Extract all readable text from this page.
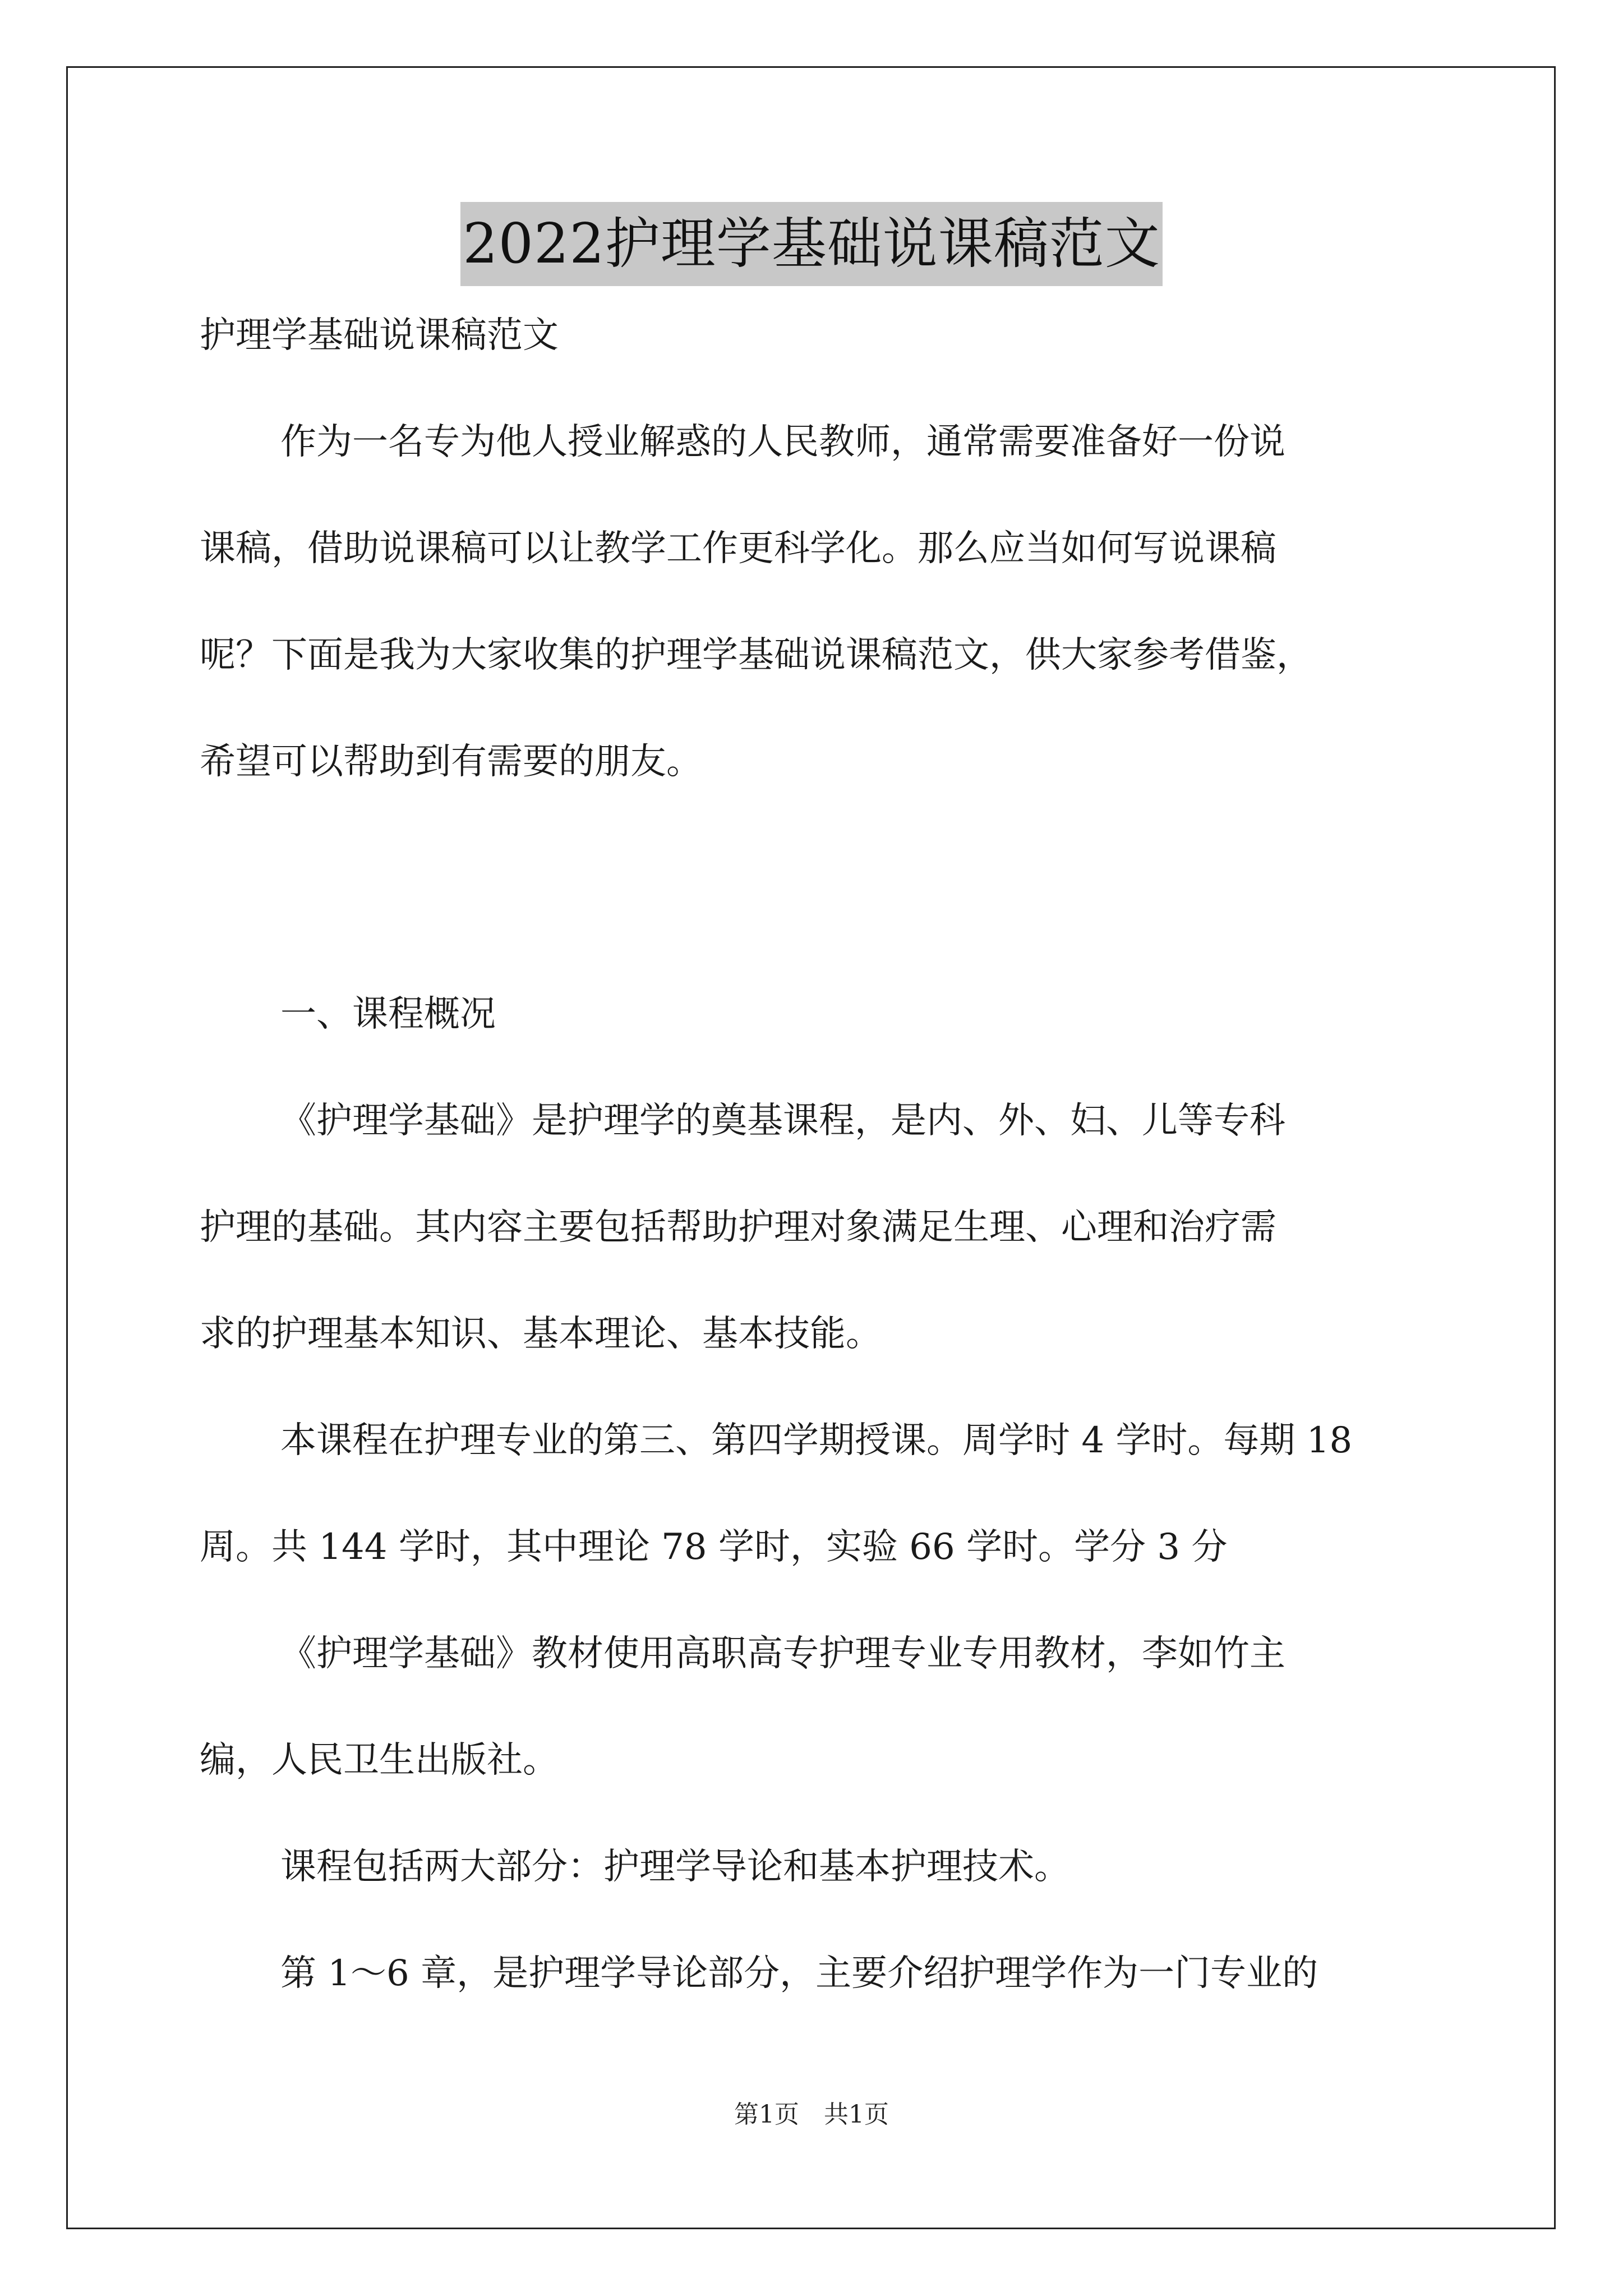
2022护理学基础说课稿范文
护理学基础说课稿范文
作为一名专为他人授业解惑的人民教师，通常需要准备好一份说
课稿，借助说课稿可以让教学工作更科学化。那么应当如何写说课稿
呢？下面是我为大家收集的护理学基础说课稿范文，供大家参考借鉴，
希望可以帮助到有需要的朋友。
一、课程概况
《护理学基础》是护理学的奠基课程，是内、外、妇、儿等专科
护理的基础。其内容主要包括帮助护理对象满足生理、心理和治疗需
求的护理基本知识、基本理论、基本技能。
本课程在护理专业的第三、第四学期授课。周学时 4 学时。每期 18
周。共 144 学时，其中理论 78 学时，实验 66 学时。学分 3 分
《护理学基础》教材使用高职高专护理专业专用教材，李如竹主
编，人民卫生出版社。
课程包括两大部分：护理学导论和基本护理技术。
第 1～6 章，是护理学导论部分，主要介绍护理学作为一门专业的
第1页　共1页
